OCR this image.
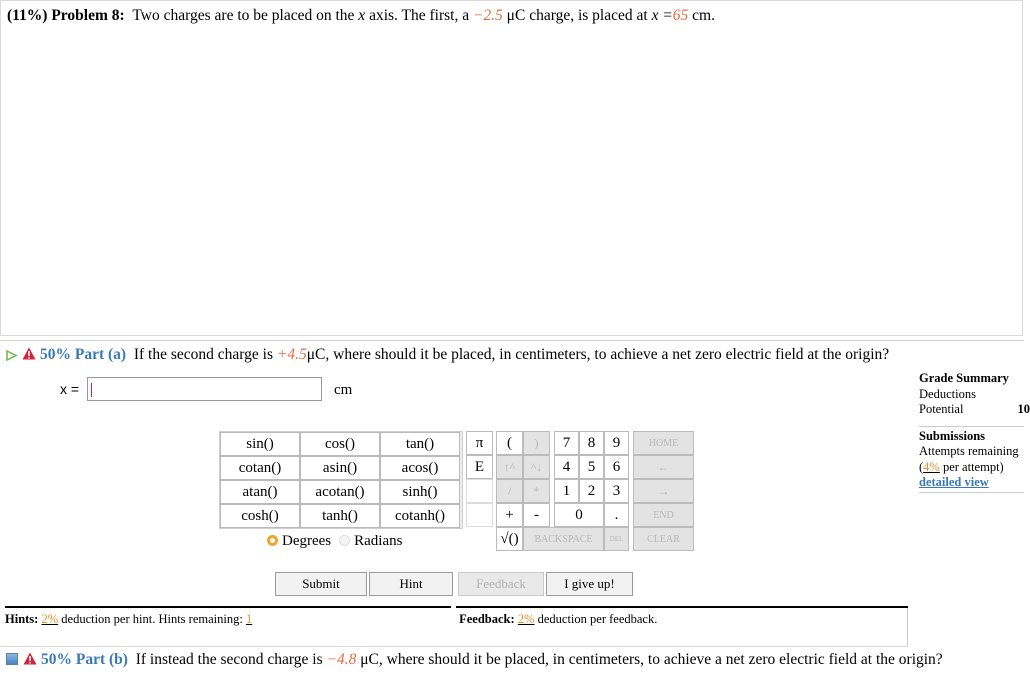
(11%) Problem 8: Two charges are to be placed on the x axis. The first, a −2.5 μC charge, is placed at x =65 cm.
50% Part (a) If the second charge is +4.5μC, where should it be placed, in centimeters, to achieve a net zero electric field at the origin?
x =	cm
Grade Summary
Deductions
Potential	10
Submissions
Attempts remaining
(4% per attempt)
detailed view
sin()	cos()	tan()
cotan()	asin()	acos()
atan()	acotan()	sinh()
cosh()	tanh()	cotanh()
Degrees	Radians
π	(	)	7	8	9	HOME
E	↑^	^↓	4	5	6	←
/	*	1	2	3	→
+	-	0	.	END
√()	BACKSPACE	DEL	CLEAR
Submit	Hint	Feedback	I give up!
Hints: 2% deduction per hint. Hints remaining: 1	Feedback: 2% deduction per feedback.
50% Part (b) If instead the second charge is −4.8 μC, where should it be placed, in centimeters, to achieve a net zero electric field at the origin?
